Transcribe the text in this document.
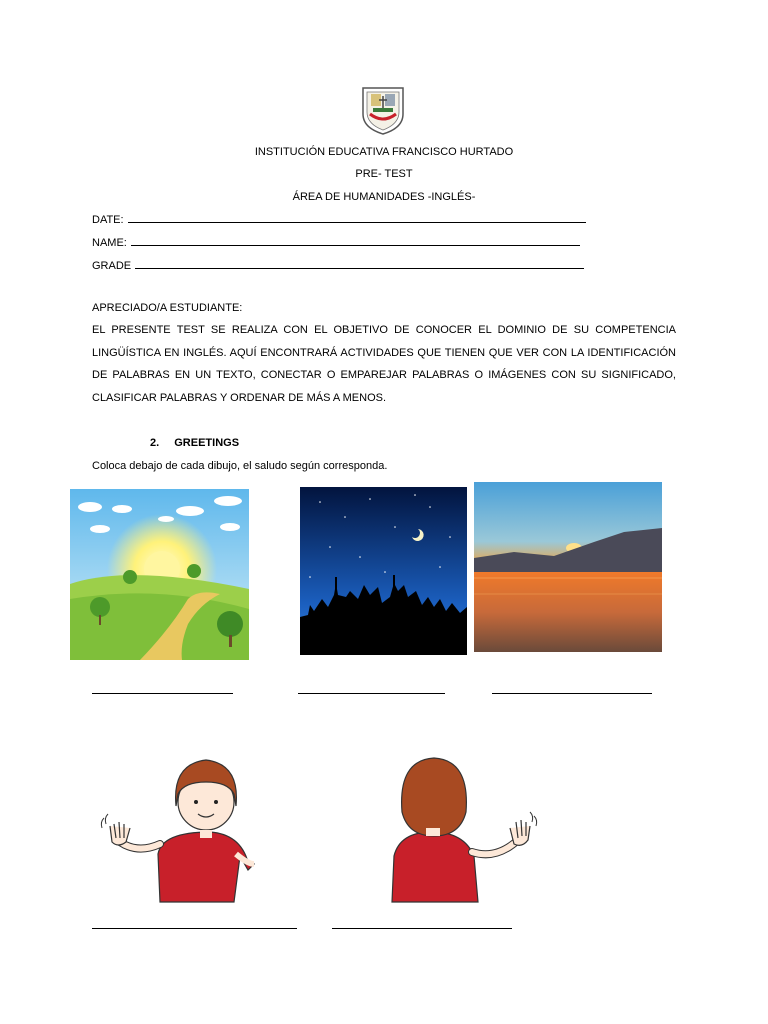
INSTITUCIÓN EDUCATIVA FRANCISCO HURTADO
PRE- TEST
ÁREA DE HUMANIDADES -INGLÉS-
DATE:
NAME:
GRADE
APRECIADO/A ESTUDIANTE:
EL PRESENTE TEST SE REALIZA CON EL OBJETIVO DE CONOCER EL DOMINIO DE SU COMPETENCIA LINGÜÍSTICA EN INGLÉS. AQUÍ ENCONTRARÁ ACTIVIDADES QUE TIENEN QUE VER CON LA IDENTIFICACIÓN DE PALABRAS EN UN TEXTO, CONECTAR O EMPAREJAR PALABRAS O IMÁGENES CON SU SIGNIFICADO, CLASIFICAR PALABRAS Y ORDENAR DE MÁS A MENOS.
2. GREETINGS
Coloca debajo de cada dibujo, el saludo según corresponda.
